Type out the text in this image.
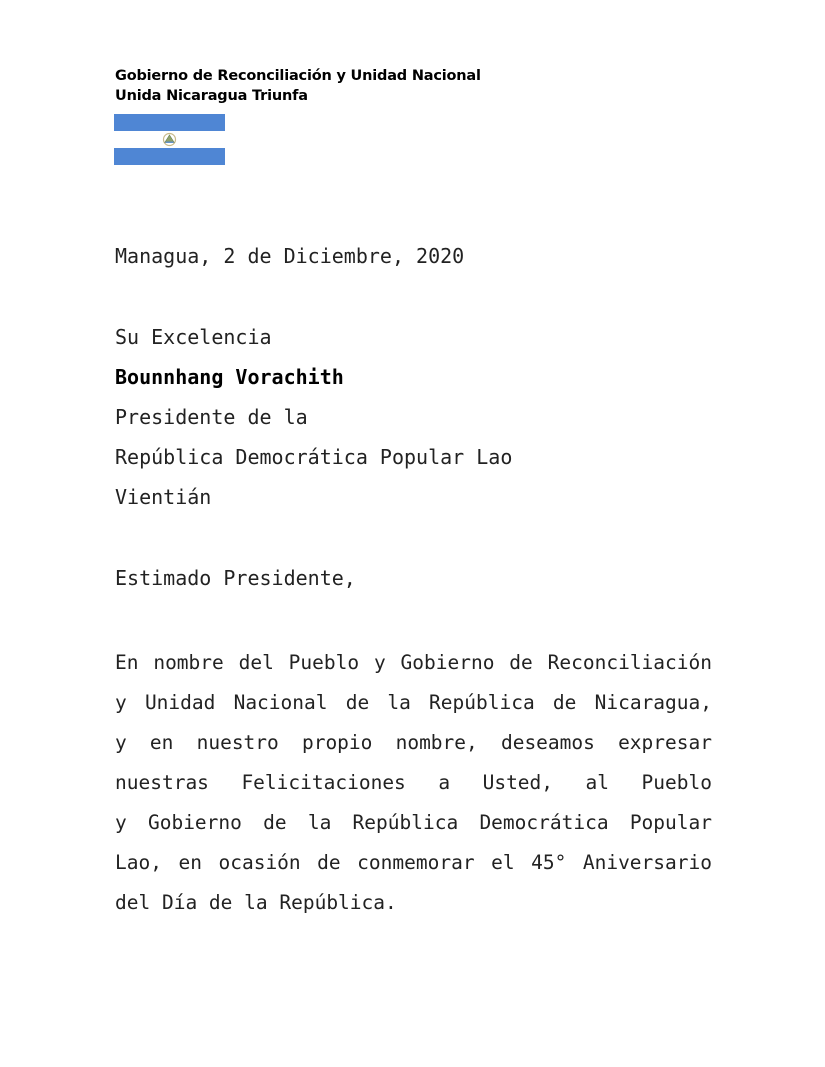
Gobierno de Reconciliación y Unidad Nacional
Unida Nicaragua Triunfa
Managua, 2 de Diciembre, 2020
Su Excelencia
Bounnhang Vorachith
Presidente de la
República Democrática Popular Lao
Vientián
Estimado Presidente,
En nombre del Pueblo y Gobierno de Reconciliación
y Unidad Nacional de la República de Nicaragua,
y en nuestro propio nombre, deseamos expresar
nuestras Felicitaciones a Usted, al Pueblo
y Gobierno de la República Democrática Popular
Lao, en ocasión de conmemorar el 45° Aniversario
del Día de la República.
